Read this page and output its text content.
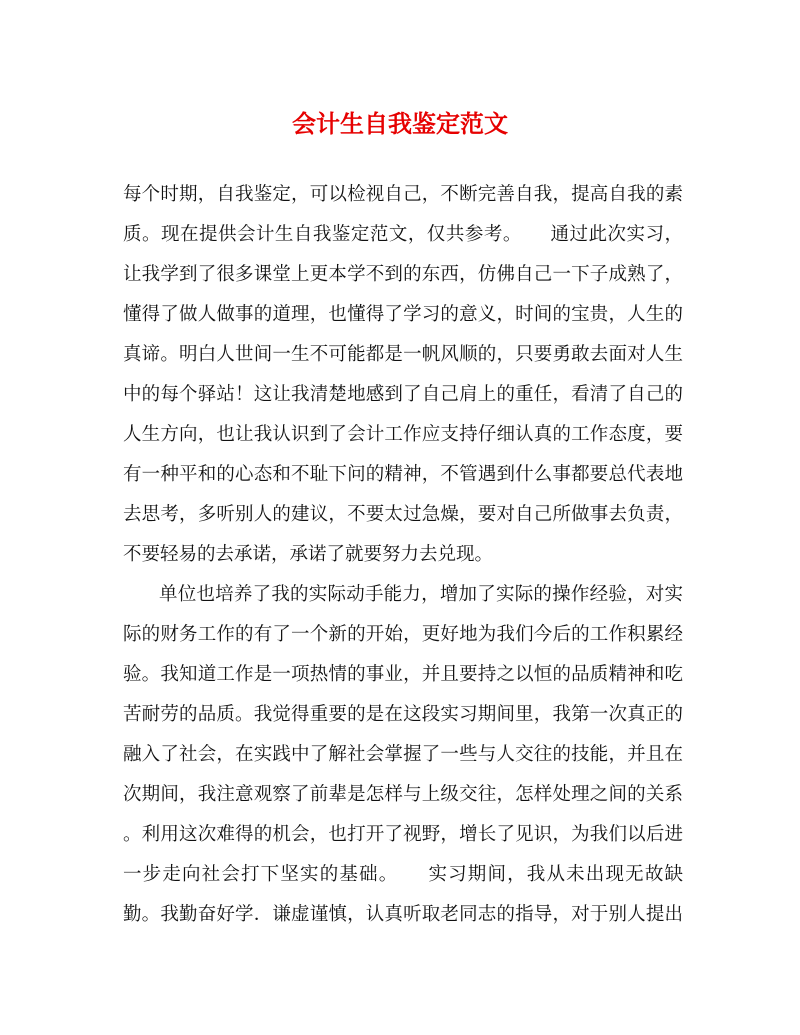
会计生自我鉴定范文

每个时期，自我鉴定，可以检视自己，不断完善自我，提高自我的素

质。现在提供会计生自我鉴定范文，仅共参考。　　通过此次实习，

让我学到了很多课堂上更本学不到的东西，仿佛自己一下子成熟了，

懂得了做人做事的道理，也懂得了学习的意义，时间的宝贵，人生的

真谛。明白人世间一生不可能都是一帆风顺的，只要勇敢去面对人生

中的每个驿站！这让我清楚地感到了自己肩上的重任，看清了自己的

人生方向，也让我认识到了会计工作应支持仔细认真的工作态度，要

有一种平和的心态和不耻下问的精神，不管遇到什么事都要总代表地

去思考，多听别人的建议，不要太过急燥，要对自己所做事去负责，

不要轻易的去承诺，承诺了就要努力去兑现。

单位也培养了我的实际动手能力，增加了实际的操作经验，对实

际的财务工作的有了一个新的开始，更好地为我们今后的工作积累经

验。我知道工作是一项热情的事业，并且要持之以恒的品质精神和吃

苦耐劳的品质。我觉得重要的是在这段实习期间里，我第一次真正的

融入了社会，在实践中了解社会掌握了一些与人交往的技能，并且在

次期间，我注意观察了前辈是怎样与上级交往，怎样处理之间的关系

。利用这次难得的机会，也打开了视野，增长了见识，为我们以后进

一步走向社会打下坚实的基础。　　实习期间，我从未出现无故缺

勤。我勤奋好学．谦虚谨慎，认真听取老同志的指导，对于别人提出
